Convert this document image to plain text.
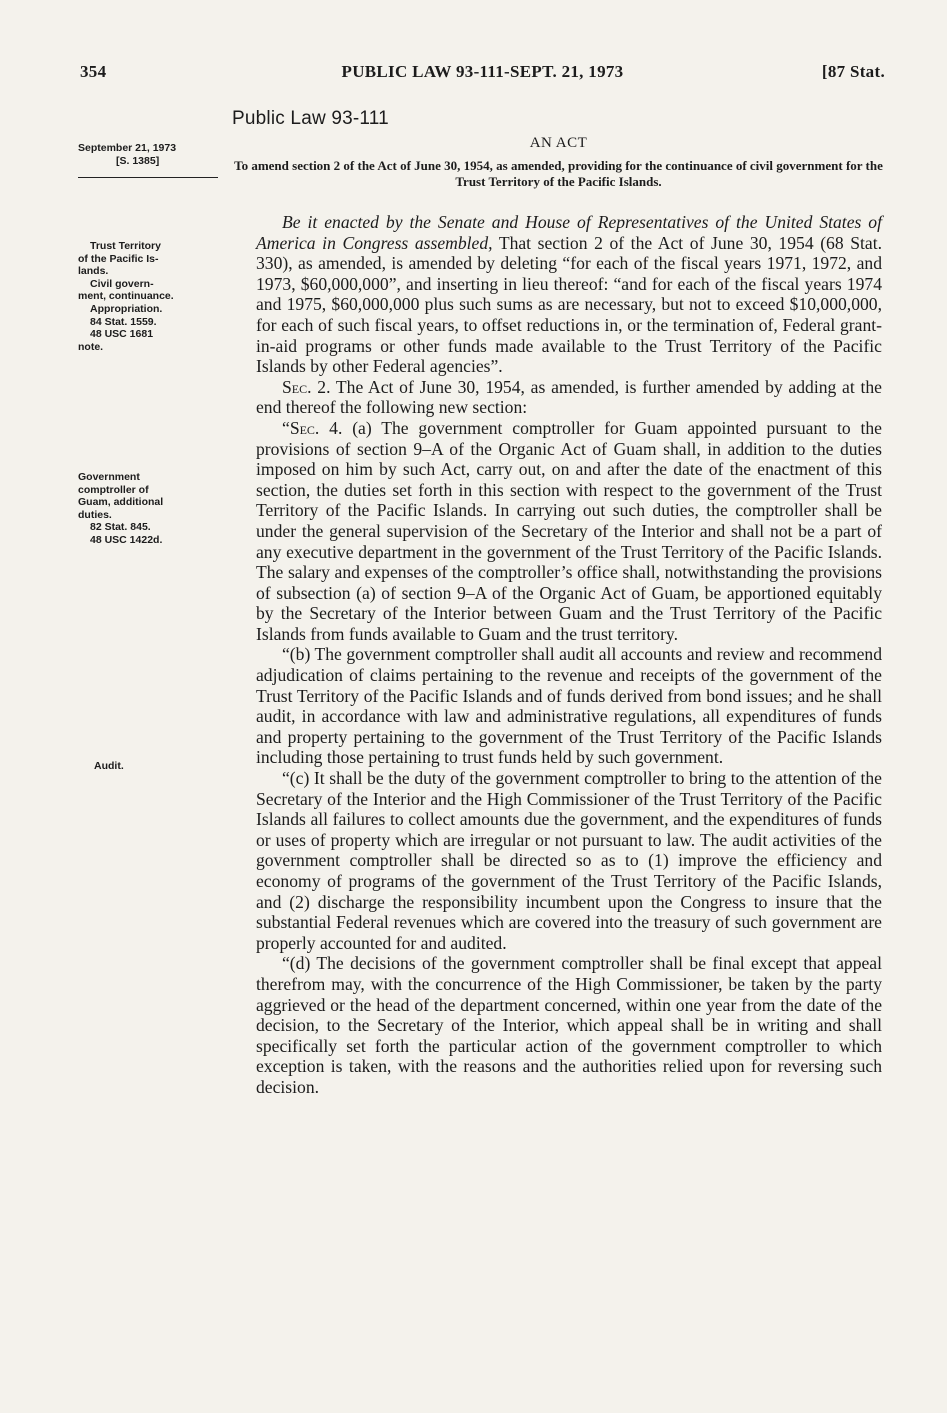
354	PUBLIC LAW 93-111-SEPT. 21, 1973	[87 Stat.
Public Law 93-111
AN ACT
To amend section 2 of the Act of June 30, 1954, as amended, providing for the continuance of civil government for the Trust Territory of the Pacific Islands.
September 21, 1973
[S. 1385]
Trust Territory
of the Pacific Is-
lands.
Civil govern-
ment, continuance.
Appropriation.
84 Stat. 1559.
48 USC 1681
note.
Government
comptroller of
Guam, additional
duties.
82 Stat. 845.
48 USC 1422d.
Audit.

Be it enacted by the Senate and House of Representatives of the United States of America in Congress assembled, That section 2 of the Act of June 30, 1954 (68 Stat. 330), as amended, is amended by deleting “for each of the fiscal years 1971, 1972, and 1973, $60,000,000”, and inserting in lieu thereof: “and for each of the fiscal years 1974 and 1975, $60,000,000 plus such sums as are necessary, but not to exceed $10,000,000, for each of such fiscal years, to offset reductions in, or the termination of, Federal grant-in-aid programs or other funds made available to the Trust Territory of the Pacific Islands by other Federal agencies”.

Sec. 2. The Act of June 30, 1954, as amended, is further amended by adding at the end thereof the following new section:

“Sec. 4. (a) The government comptroller for Guam appointed pursuant to the provisions of section 9–A of the Organic Act of Guam shall, in addition to the duties imposed on him by such Act, carry out, on and after the date of the enactment of this section, the duties set forth in this section with respect to the government of the Trust Territory of the Pacific Islands. In carrying out such duties, the comptroller shall be under the general supervision of the Secretary of the Interior and shall not be a part of any executive department in the government of the Trust Territory of the Pacific Islands. The salary and expenses of the comptroller’s office shall, notwithstanding the provisions of subsection (a) of section 9–A of the Organic Act of Guam, be apportioned equitably by the Secretary of the Interior between Guam and the Trust Territory of the Pacific Islands from funds available to Guam and the trust territory.

“(b) The government comptroller shall audit all accounts and review and recommend adjudication of claims pertaining to the revenue and receipts of the government of the Trust Territory of the Pacific Islands and of funds derived from bond issues; and he shall audit, in accordance with law and administrative regulations, all expenditures of funds and property pertaining to the government of the Trust Territory of the Pacific Islands including those pertaining to trust funds held by such government.

“(c) It shall be the duty of the government comptroller to bring to the attention of the Secretary of the Interior and the High Commissioner of the Trust Territory of the Pacific Islands all failures to collect amounts due the government, and the expenditures of funds or uses of property which are irregular or not pursuant to law. The audit activities of the government comptroller shall be directed so as to (1) improve the efficiency and economy of programs of the government of the Trust Territory of the Pacific Islands, and (2) discharge the responsibility incumbent upon the Congress to insure that the substantial Federal revenues which are covered into the treasury of such government are properly accounted for and audited.

“(d) The decisions of the government comptroller shall be final except that appeal therefrom may, with the concurrence of the High Commissioner, be taken by the party aggrieved or the head of the department concerned, within one year from the date of the decision, to the Secretary of the Interior, which appeal shall be in writing and shall specifically set forth the particular action of the government comptroller to which exception is taken, with the reasons and the authorities relied upon for reversing such decision.
